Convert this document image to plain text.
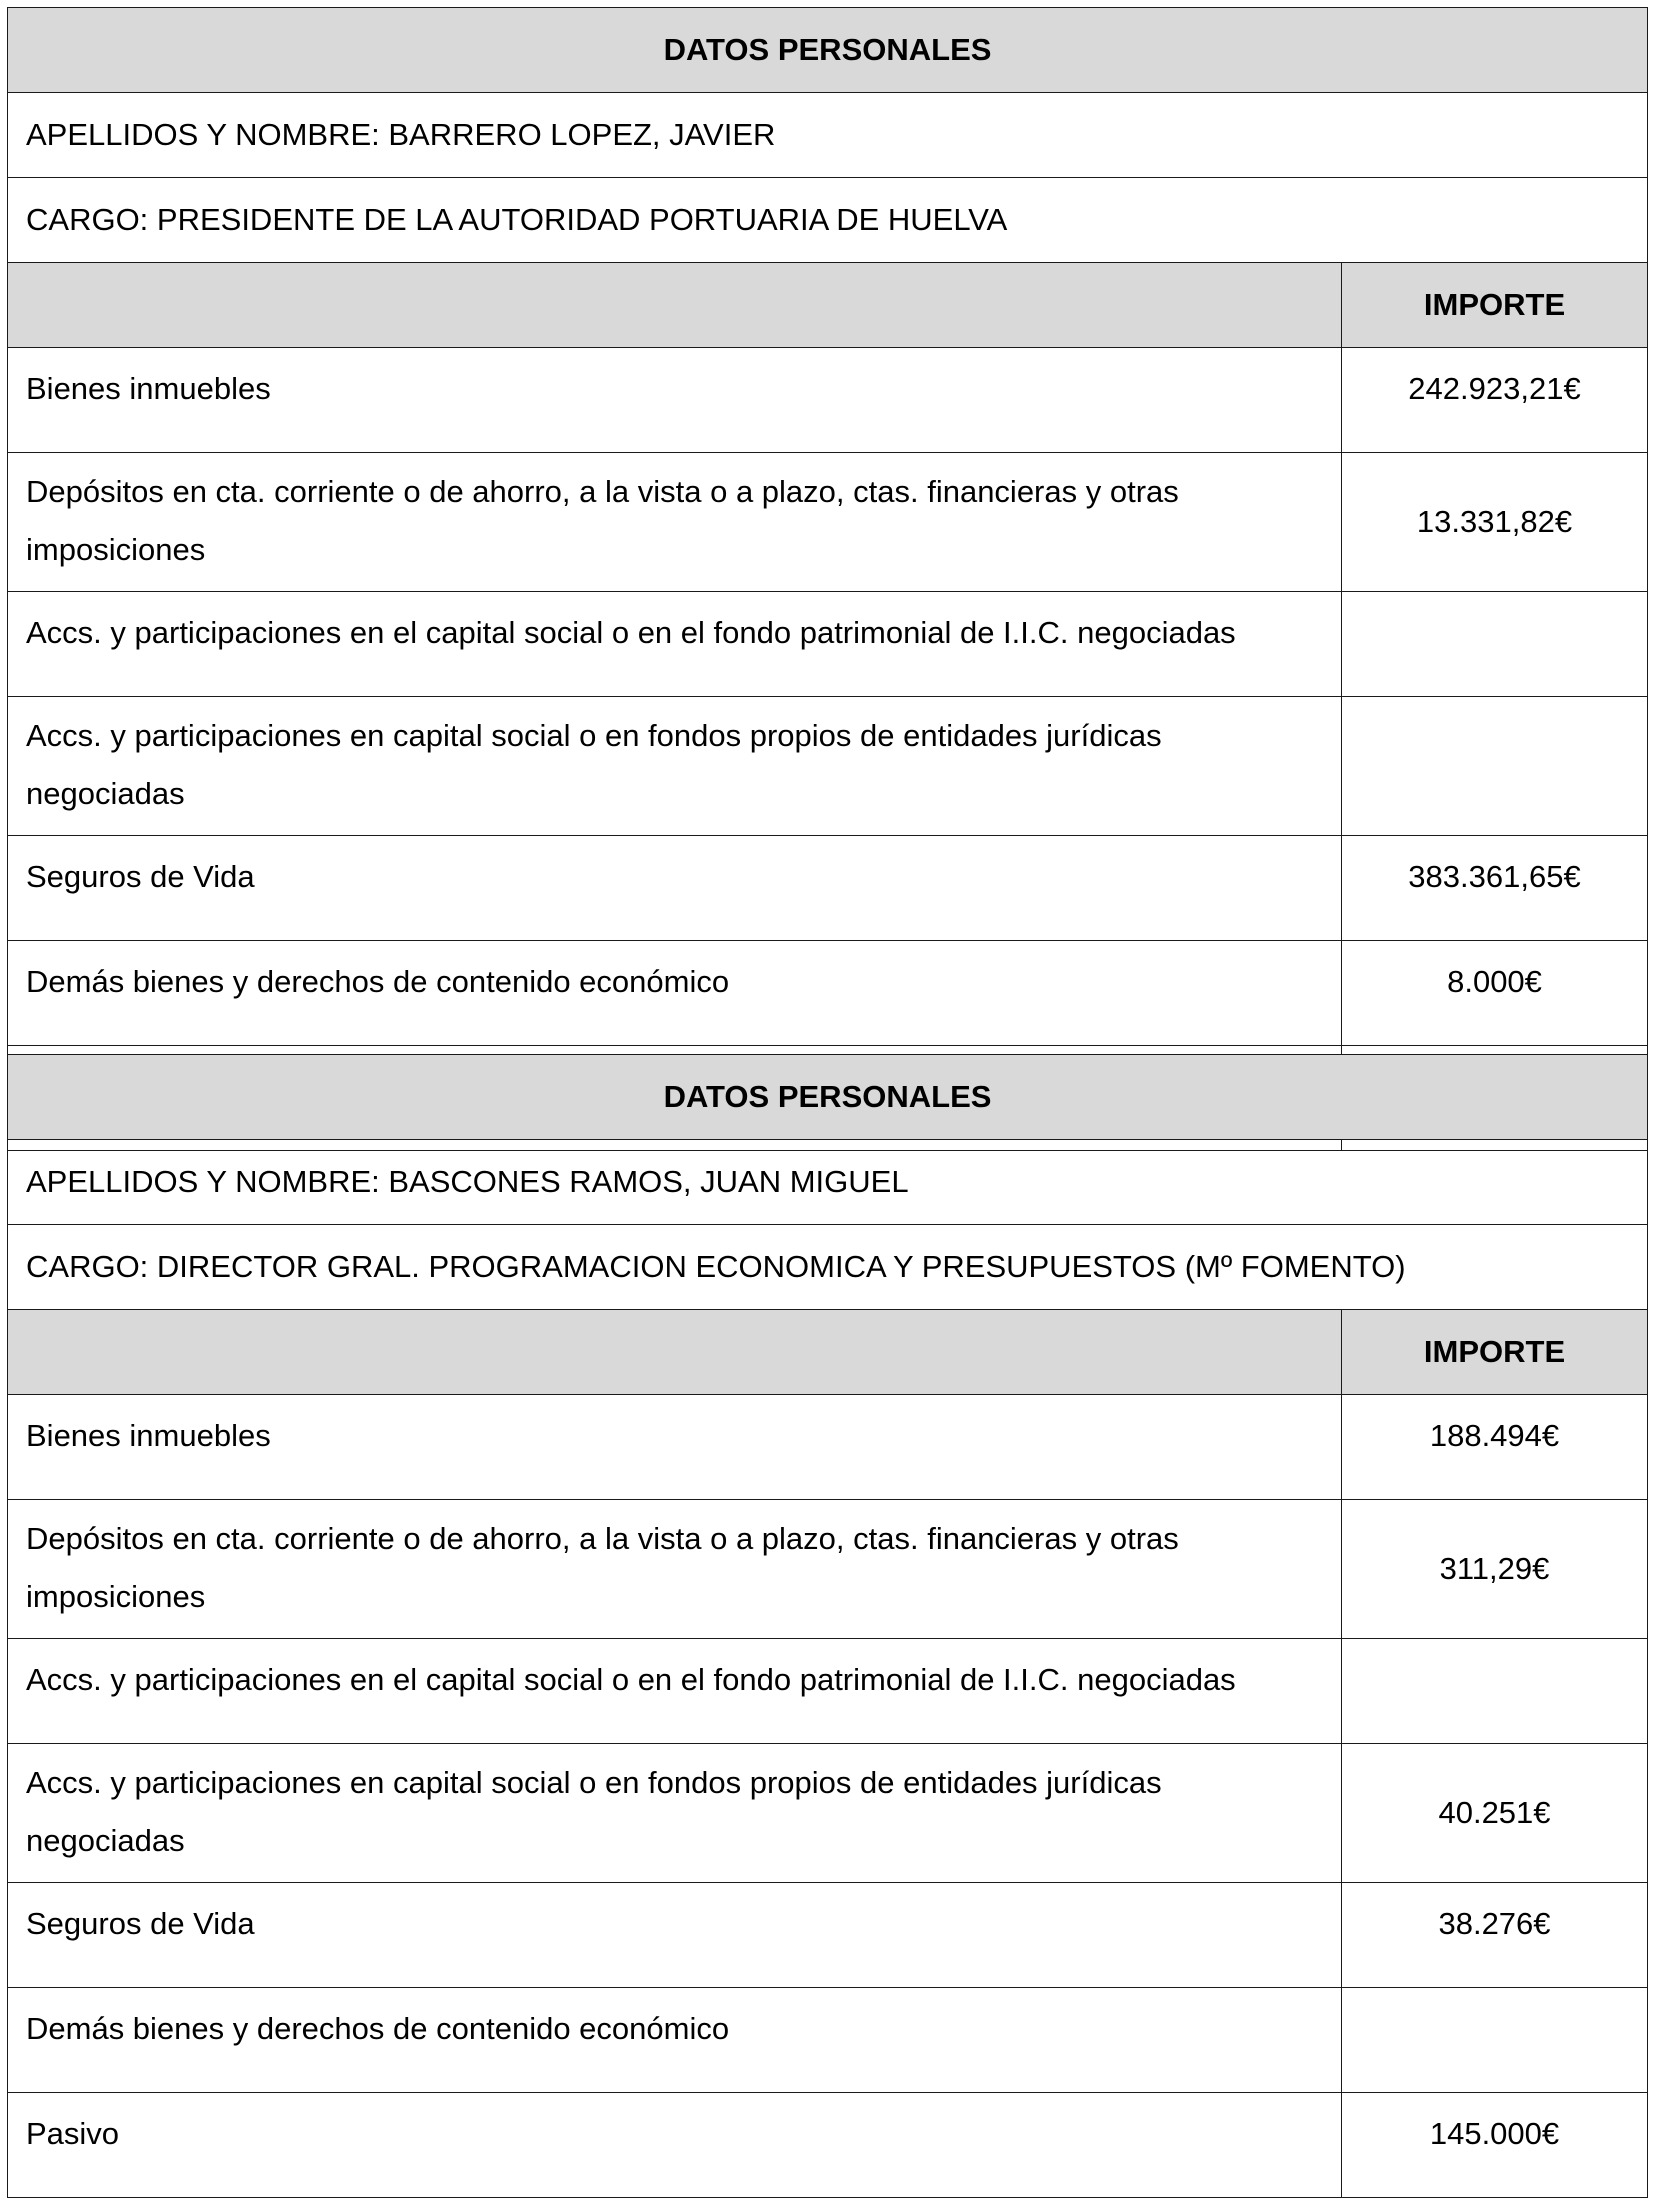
DATOS PERSONALES	
APELLIDOS Y NOMBRE: BARRERO LOPEZ, JAVIER	
CARGO: PRESIDENTE DE LA AUTORIDAD PORTUARIA DE HUELVA	
	IMPORTE
Bienes inmuebles	242.923,21€
Depósitos en cta. corriente o de ahorro, a la vista o a plazo, ctas. financieras y otras imposiciones	13.331,82€
Accs. y participaciones en el capital social o en el fondo patrimonial de I.I.C. negociadas	
Accs. y participaciones en capital social o en fondos propios de entidades jurídicas negociadas	
Seguros de Vida	383.361,65€
Demás bienes y derechos de contenido económico	8.000€

DATOS PERSONALES	
APELLIDOS Y NOMBRE: BASCONES RAMOS, JUAN MIGUEL	
CARGO: DIRECTOR GRAL. PROGRAMACION ECONOMICA Y PRESUPUESTOS (Mº FOMENTO)	
	IMPORTE
Bienes inmuebles	188.494€
Depósitos en cta. corriente o de ahorro, a la vista o a plazo, ctas. financieras y otras imposiciones	311,29€
Accs. y participaciones en el capital social o en el fondo patrimonial de I.I.C. negociadas	
Accs. y participaciones en capital social o en fondos propios de entidades jurídicas negociadas	40.251€
Seguros de Vida	38.276€
Demás bienes y derechos de contenido económico	
Pasivo	145.000€
